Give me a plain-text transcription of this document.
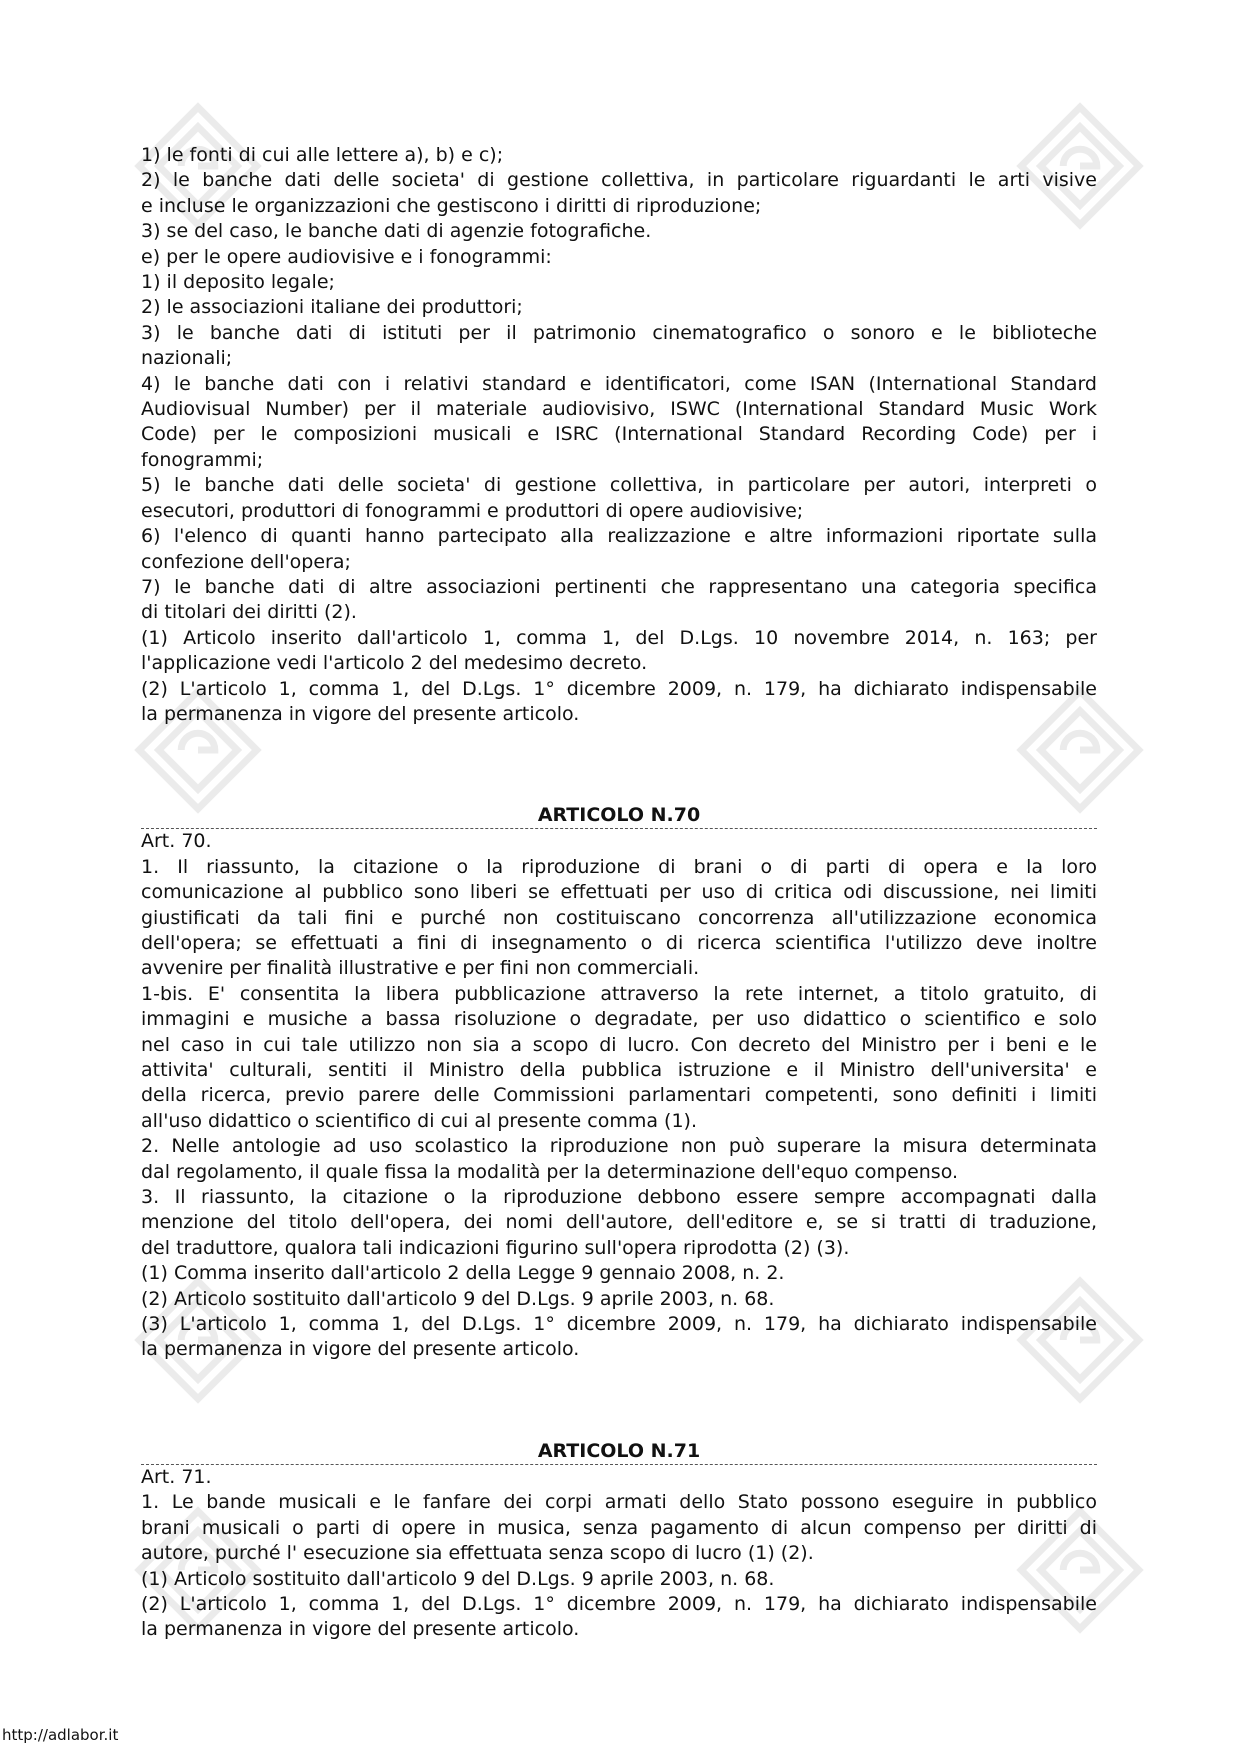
1) le fonti di cui alle lettere a), b) e c);
2) le banche dati delle societa' di gestione collettiva, in particolare riguardanti le arti visive
e incluse le organizzazioni che gestiscono i diritti di riproduzione;
3) se del caso, le banche dati di agenzie fotografiche.
e) per le opere audiovisive e i fonogrammi:
1) il deposito legale;
2) le associazioni italiane dei produttori;
3) le banche dati di istituti per il patrimonio cinematografico o sonoro e le biblioteche
nazionali;
4) le banche dati con i relativi standard e identificatori, come ISAN (International Standard
Audiovisual Number) per il materiale audiovisivo, ISWC (International Standard Music Work
Code) per le composizioni musicali e ISRC (International Standard Recording Code) per i
fonogrammi;
5) le banche dati delle societa' di gestione collettiva, in particolare per autori, interpreti o
esecutori, produttori di fonogrammi e produttori di opere audiovisive;
6) l'elenco di quanti hanno partecipato alla realizzazione e altre informazioni riportate sulla
confezione dell'opera;
7) le banche dati di altre associazioni pertinenti che rappresentano una categoria specifica
di titolari dei diritti (2).
(1) Articolo inserito dall'articolo 1, comma 1, del D.Lgs. 10 novembre 2014, n. 163; per
l'applicazione vedi l'articolo 2 del medesimo decreto.
(2) L'articolo 1, comma 1, del D.Lgs. 1° dicembre 2009, n. 179, ha dichiarato indispensabile
la permanenza in vigore del presente articolo.
ARTICOLO N.70
Art. 70.
1. Il riassunto, la citazione o la riproduzione di brani o di parti di opera e la loro
comunicazione al pubblico sono liberi se effettuati per uso di critica odi discussione, nei limiti
giustificati da tali fini e purché non costituiscano concorrenza all'utilizzazione economica
dell'opera; se effettuati a fini di insegnamento o di ricerca scientifica l'utilizzo deve inoltre
avvenire per finalità illustrative e per fini non commerciali.
1-bis. E' consentita la libera pubblicazione attraverso la rete internet, a titolo gratuito, di
immagini e musiche a bassa risoluzione o degradate, per uso didattico o scientifico e solo
nel caso in cui tale utilizzo non sia a scopo di lucro. Con decreto del Ministro per i beni e le
attivita' culturali, sentiti il Ministro della pubblica istruzione e il Ministro dell'universita' e
della ricerca, previo parere delle Commissioni parlamentari competenti, sono definiti i limiti
all'uso didattico o scientifico di cui al presente comma (1).
2. Nelle antologie ad uso scolastico la riproduzione non può superare la misura determinata
dal regolamento, il quale fissa la modalità per la determinazione dell'equo compenso.
3. Il riassunto, la citazione o la riproduzione debbono essere sempre accompagnati dalla
menzione del titolo dell'opera, dei nomi dell'autore, dell'editore e, se si tratti di traduzione,
del traduttore, qualora tali indicazioni figurino sull'opera riprodotta (2) (3).
(1) Comma inserito dall'articolo 2 della Legge 9 gennaio 2008, n. 2.
(2) Articolo sostituito dall'articolo 9 del D.Lgs. 9 aprile 2003, n. 68.
(3) L'articolo 1, comma 1, del D.Lgs. 1° dicembre 2009, n. 179, ha dichiarato indispensabile
la permanenza in vigore del presente articolo.
ARTICOLO N.71
Art. 71.
1. Le bande musicali e le fanfare dei corpi armati dello Stato possono eseguire in pubblico
brani musicali o parti di opere in musica, senza pagamento di alcun compenso per diritti di
autore, purché l' esecuzione sia effettuata senza scopo di lucro (1) (2).
(1) Articolo sostituito dall'articolo 9 del D.Lgs. 9 aprile 2003, n. 68.
(2) L'articolo 1, comma 1, del D.Lgs. 1° dicembre 2009, n. 179, ha dichiarato indispensabile
la permanenza in vigore del presente articolo.
http://adlabor.it
